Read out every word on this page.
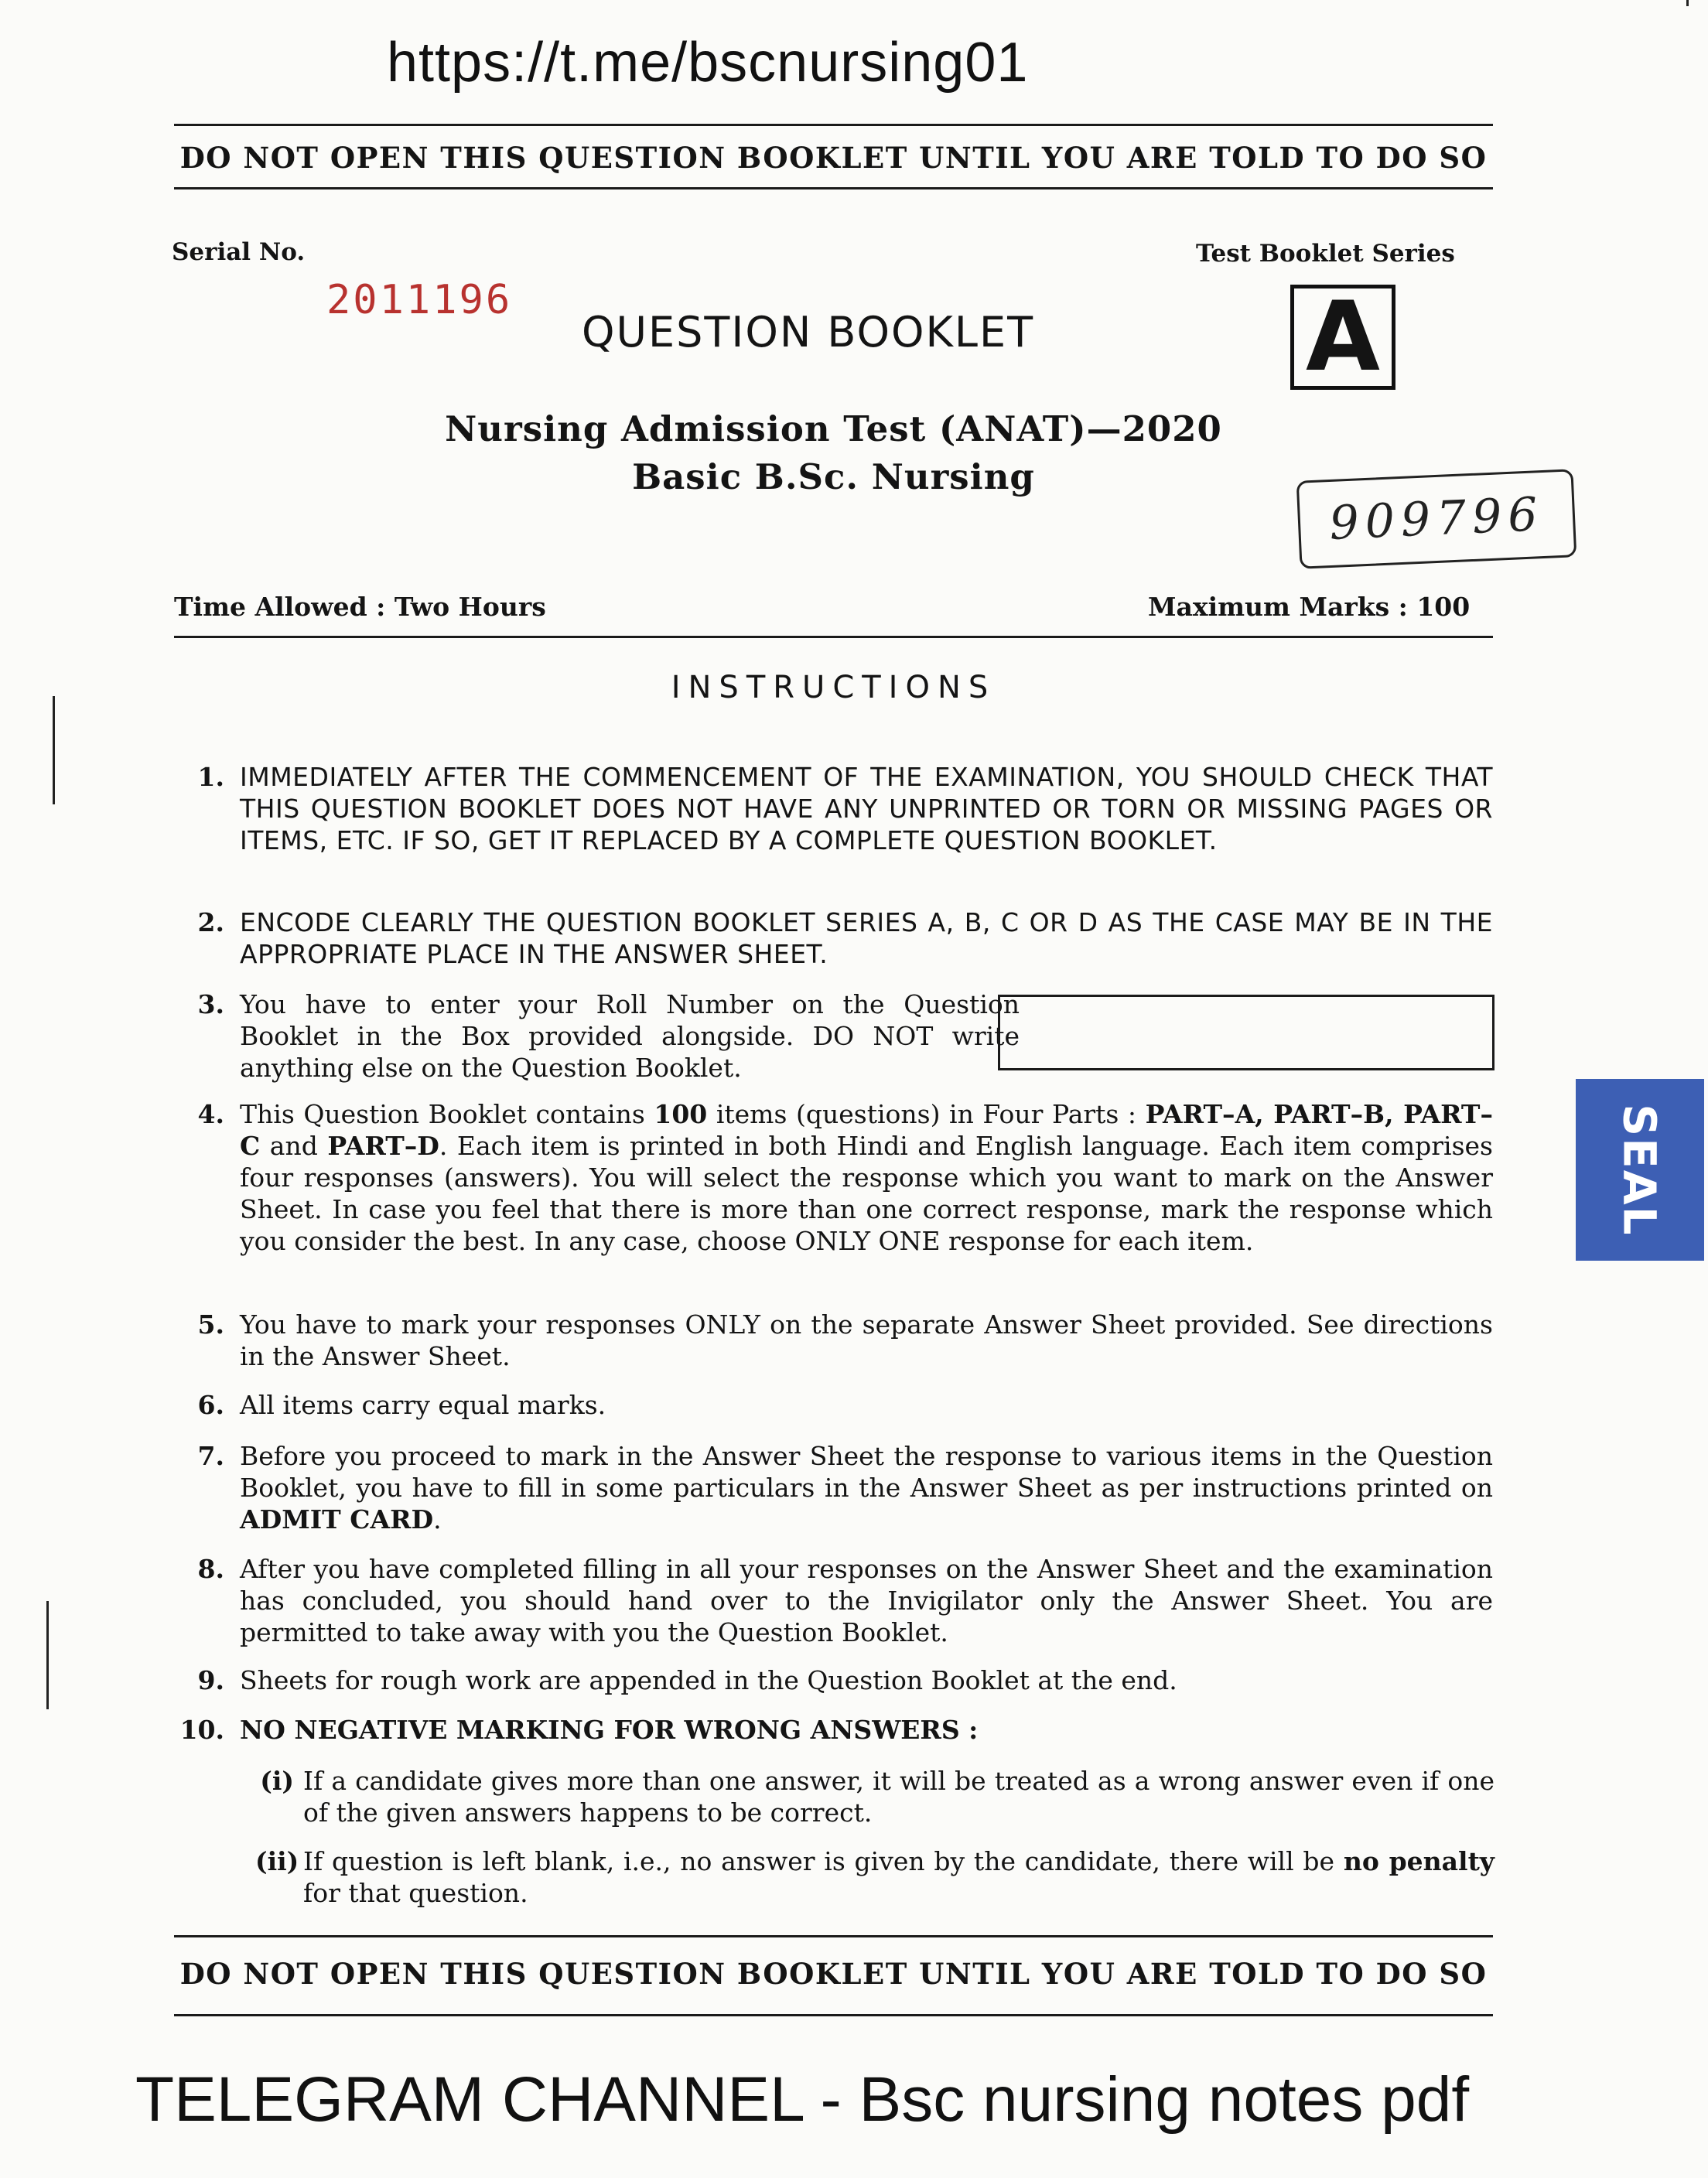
https://t.me/bscnursing01
DO NOT OPEN THIS QUESTION BOOKLET UNTIL YOU ARE TOLD TO DO SO
Serial No.
2011196
QUESTION BOOKLET
Test Booklet Series
A
Nursing Admission Test (ANAT)—2020
Basic B.Sc. Nursing
909796
Time Allowed : Two Hours	Maximum Marks : 100
INSTRUCTIONS
1. IMMEDIATELY AFTER THE COMMENCEMENT OF THE EXAMINATION, YOU SHOULD CHECK THAT THIS QUESTION BOOKLET DOES NOT HAVE ANY UNPRINTED OR TORN OR MISSING PAGES OR ITEMS, ETC. IF SO, GET IT REPLACED BY A COMPLETE QUESTION BOOKLET.
2. ENCODE CLEARLY THE QUESTION BOOKLET SERIES A, B, C OR D AS THE CASE MAY BE IN THE APPROPRIATE PLACE IN THE ANSWER SHEET.
3. You have to enter your Roll Number on the Question Booklet in the Box provided alongside. DO NOT write anything else on the Question Booklet.
4. This Question Booklet contains 100 items (questions) in Four Parts : PART–A, PART–B, PART–C and PART–D. Each item is printed in both Hindi and English language. Each item comprises four responses (answers). You will select the response which you want to mark on the Answer Sheet. In case you feel that there is more than one correct response, mark the response which you consider the best. In any case, choose ONLY ONE response for each item.
5. You have to mark your responses ONLY on the separate Answer Sheet provided. See directions in the Answer Sheet.
6. All items carry equal marks.
7. Before you proceed to mark in the Answer Sheet the response to various items in the Question Booklet, you have to fill in some particulars in the Answer Sheet as per instructions printed on ADMIT CARD.
8. After you have completed filling in all your responses on the Answer Sheet and the examination has concluded, you should hand over to the Invigilator only the Answer Sheet. You are permitted to take away with you the Question Booklet.
9. Sheets for rough work are appended in the Question Booklet at the end.
10. NO NEGATIVE MARKING FOR WRONG ANSWERS :
(i) If a candidate gives more than one answer, it will be treated as a wrong answer even if one of the given answers happens to be correct.
(ii) If question is left blank, i.e., no answer is given by the candidate, there will be no penalty for that question.
DO NOT OPEN THIS QUESTION BOOKLET UNTIL YOU ARE TOLD TO DO SO
SEAL
TELEGRAM CHANNEL - Bsc nursing notes pdf
